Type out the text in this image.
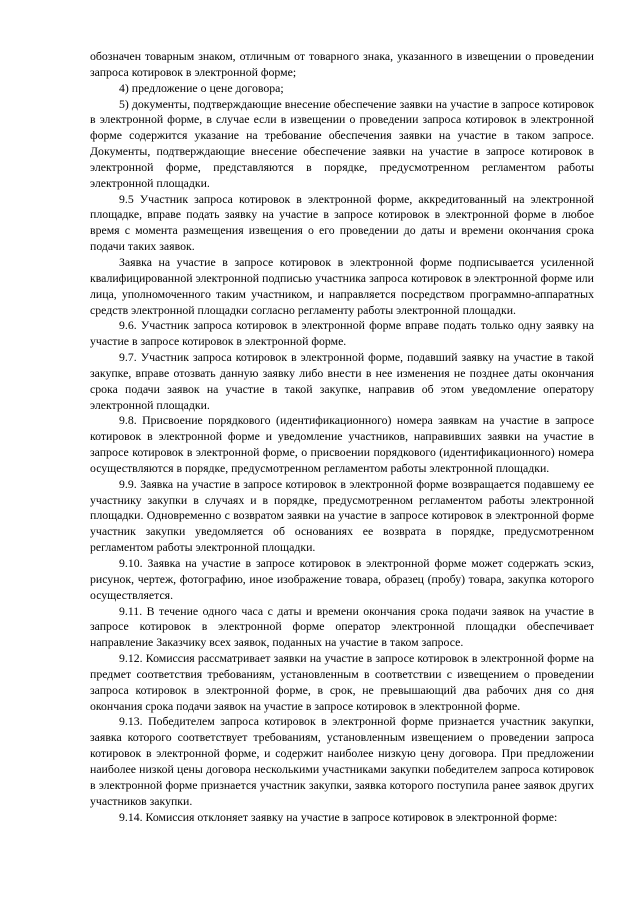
обозначен товарным знаком, отличным от товарного знака, указанного в извещении о проведении запроса котировок в электронной форме;

4) предложение о цене договора;

5) документы, подтверждающие внесение обеспечение заявки на участие в запросе котировок в электронной форме, в случае если в извещении о проведении запроса котировок в электронной форме содержится указание на требование обеспечения заявки на участие в таком запросе. Документы, подтверждающие внесение обеспечение заявки на участие в запросе котировок в электронной форме, представляются в порядке, предусмотренном регламентом работы электронной площадки.

9.5 Участник запроса котировок в электронной форме, аккредитованный на электронной площадке, вправе подать заявку на участие в запросе котировок в электронной форме в любое время с момента размещения извещения о его проведении до даты и времени окончания срока подачи таких заявок.

Заявка на участие в запросе котировок в электронной форме подписывается усиленной квалифицированной электронной подписью участника запроса котировок в электронной форме или лица, уполномоченного таким участником, и направляется посредством программно-аппаратных средств электронной площадки согласно регламенту работы электронной площадки.

9.6. Участник запроса котировок в электронной форме вправе подать только одну заявку на участие в запросе котировок в электронной форме.

9.7. Участник запроса котировок в электронной форме, подавший заявку на участие в такой закупке, вправе отозвать данную заявку либо внести в нее изменения не позднее даты окончания срока подачи заявок на участие в такой закупке, направив об этом уведомление оператору электронной площадки.

9.8. Присвоение порядкового (идентификационного) номера заявкам на участие в запросе котировок в электронной форме и уведомление участников, направивших заявки на участие в запросе котировок в электронной форме, о присвоении порядкового (идентификационного) номера осуществляются в порядке, предусмотренном регламентом работы электронной площадки.

9.9. Заявка на участие в запросе котировок в электронной форме возвращается подавшему ее участнику закупки в случаях и в порядке, предусмотренном регламентом работы электронной площадки. Одновременно с возвратом заявки на участие в запросе котировок в электронной форме участник закупки уведомляется об основаниях ее возврата в порядке, предусмотренном регламентом работы электронной площадки.

9.10. Заявка на участие в запросе котировок в электронной форме может содержать эскиз, рисунок, чертеж, фотографию, иное изображение товара, образец (пробу) товара, закупка которого осуществляется.

9.11. В течение одного часа с даты и времени окончания срока подачи заявок на участие в запросе котировок в электронной форме оператор электронной площадки обеспечивает направление Заказчику всех заявок, поданных на участие в таком запросе.

9.12. Комиссия рассматривает заявки на участие в запросе котировок в электронной форме на предмет соответствия требованиям, установленным в соответствии с извещением о проведении запроса котировок в электронной форме, в срок, не превышающий два рабочих дня со дня окончания срока подачи заявок на участие в запросе котировок в электронной форме.

9.13. Победителем запроса котировок в электронной форме признается участник закупки, заявка которого соответствует требованиям, установленным извещением о проведении запроса котировок в электронной форме, и содержит наиболее низкую цену договора. При предложении наиболее низкой цены договора несколькими участниками закупки победителем запроса котировок в электронной форме признается участник закупки, заявка которого поступила ранее заявок других участников закупки.

9.14. Комиссия отклоняет заявку на участие в запросе котировок в электронной форме:
